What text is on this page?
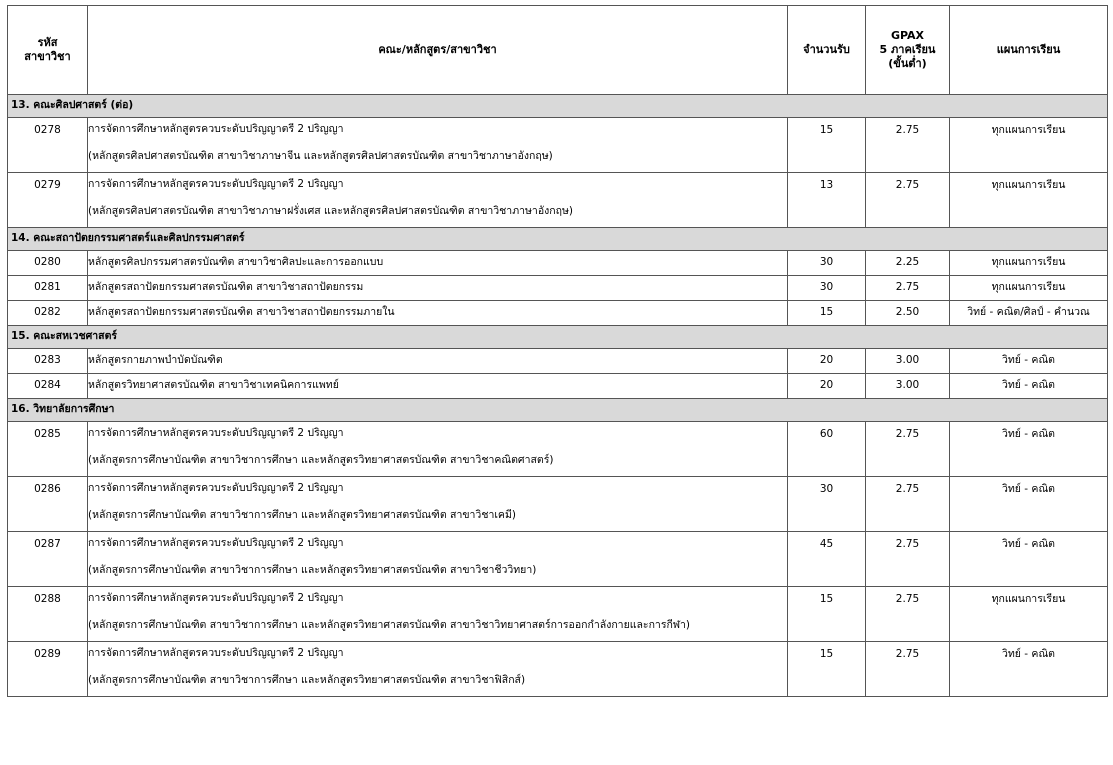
รหัส
สาขาวิชา	คณะ/หลักสูตร/สาขาวิชา	จำนวนรับ	GPAX
5 ภาคเรียน
(ขั้นต่ำ)	แผนการเรียน
13. คณะศิลปศาสตร์ (ต่อ)				
0278	การจัดการศึกษาหลักสูตรควบระดับปริญญาตรี 2 ปริญญา
(หลักสูตรศิลปศาสตรบัณฑิต สาขาวิชาภาษาจีน และหลักสูตรศิลปศาสตรบัณฑิต สาขาวิชาภาษาอังกฤษ)	15	2.75	ทุกแผนการเรียน
0279	การจัดการศึกษาหลักสูตรควบระดับปริญญาตรี 2 ปริญญา
(หลักสูตรศิลปศาสตรบัณฑิต สาขาวิชาภาษาฝรั่งเศส และหลักสูตรศิลปศาสตรบัณฑิต สาขาวิชาภาษาอังกฤษ)	13	2.75	ทุกแผนการเรียน
14. คณะสถาปัตยกรรมศาสตร์และศิลปกรรมศาสตร์				
0280	หลักสูตรศิลปกรรมศาสตรบัณฑิต สาขาวิชาศิลปะและการออกแบบ	30	2.25	ทุกแผนการเรียน
0281	หลักสูตรสถาปัตยกรรมศาสตรบัณฑิต สาขาวิชาสถาปัตยกรรม	30	2.75	ทุกแผนการเรียน
0282	หลักสูตรสถาปัตยกรรมศาสตรบัณฑิต สาขาวิชาสถาปัตยกรรมภายใน	15	2.50	วิทย์ - คณิต/ศิลป์ - คำนวณ
15. คณะสหเวชศาสตร์				
0283	หลักสูตรกายภาพบำบัดบัณฑิต	20	3.00	วิทย์ - คณิต
0284	หลักสูตรวิทยาศาสตรบัณฑิต สาขาวิชาเทคนิคการแพทย์	20	3.00	วิทย์ - คณิต
16. วิทยาลัยการศึกษา				
0285	การจัดการศึกษาหลักสูตรควบระดับปริญญาตรี 2 ปริญญา
(หลักสูตรการศึกษาบัณฑิต สาขาวิชาการศึกษา และหลักสูตรวิทยาศาสตรบัณฑิต สาขาวิชาคณิตศาสตร์)	60	2.75	วิทย์ - คณิต
0286	การจัดการศึกษาหลักสูตรควบระดับปริญญาตรี 2 ปริญญา
(หลักสูตรการศึกษาบัณฑิต สาขาวิชาการศึกษา และหลักสูตรวิทยาศาสตรบัณฑิต สาขาวิชาเคมี)	30	2.75	วิทย์ - คณิต
0287	การจัดการศึกษาหลักสูตรควบระดับปริญญาตรี 2 ปริญญา
(หลักสูตรการศึกษาบัณฑิต สาขาวิชาการศึกษา และหลักสูตรวิทยาศาสตรบัณฑิต สาขาวิชาชีววิทยา)	45	2.75	วิทย์ - คณิต
0288	การจัดการศึกษาหลักสูตรควบระดับปริญญาตรี 2 ปริญญา
(หลักสูตรการศึกษาบัณฑิต สาขาวิชาการศึกษา และหลักสูตรวิทยาศาสตรบัณฑิต สาขาวิชาวิทยาศาสตร์การออกกำลังกายและการกีฬา)	15	2.75	ทุกแผนการเรียน
0289	การจัดการศึกษาหลักสูตรควบระดับปริญญาตรี 2 ปริญญา
(หลักสูตรการศึกษาบัณฑิต สาขาวิชาการศึกษา และหลักสูตรวิทยาศาสตรบัณฑิต สาขาวิชาฟิสิกส์)	15	2.75	วิทย์ - คณิต
